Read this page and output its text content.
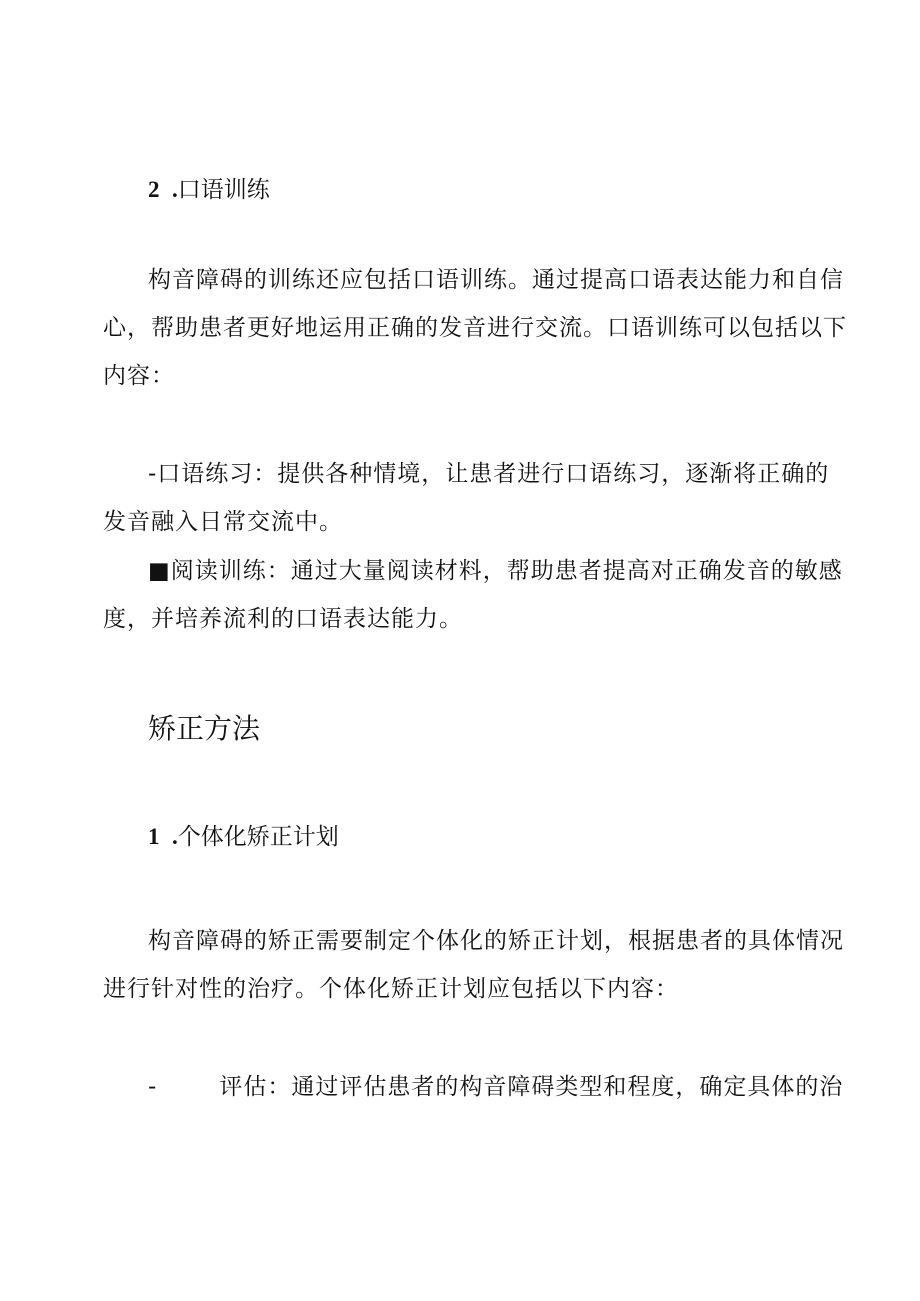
2 .口语训练
构音障碍的训练还应包括口语训练。通过提高口语表达能力和自信
心，帮助患者更好地运用正确的发音进行交流。口语训练可以包括以下
内容：
-口语练习：提供各种情境，让患者进行口语练习，逐渐将正确的
发音融入日常交流中。
■阅读训练：通过大量阅读材料，帮助患者提高对正确发音的敏感
度，并培养流利的口语表达能力。
矫正方法
1 .个体化矫正计划
构音障碍的矫正需要制定个体化的矫正计划，根据患者的具体情况
进行针对性的治疗。个体化矫正计划应包括以下内容：
-	评估：通过评估患者的构音障碍类型和程度，确定具体的治
